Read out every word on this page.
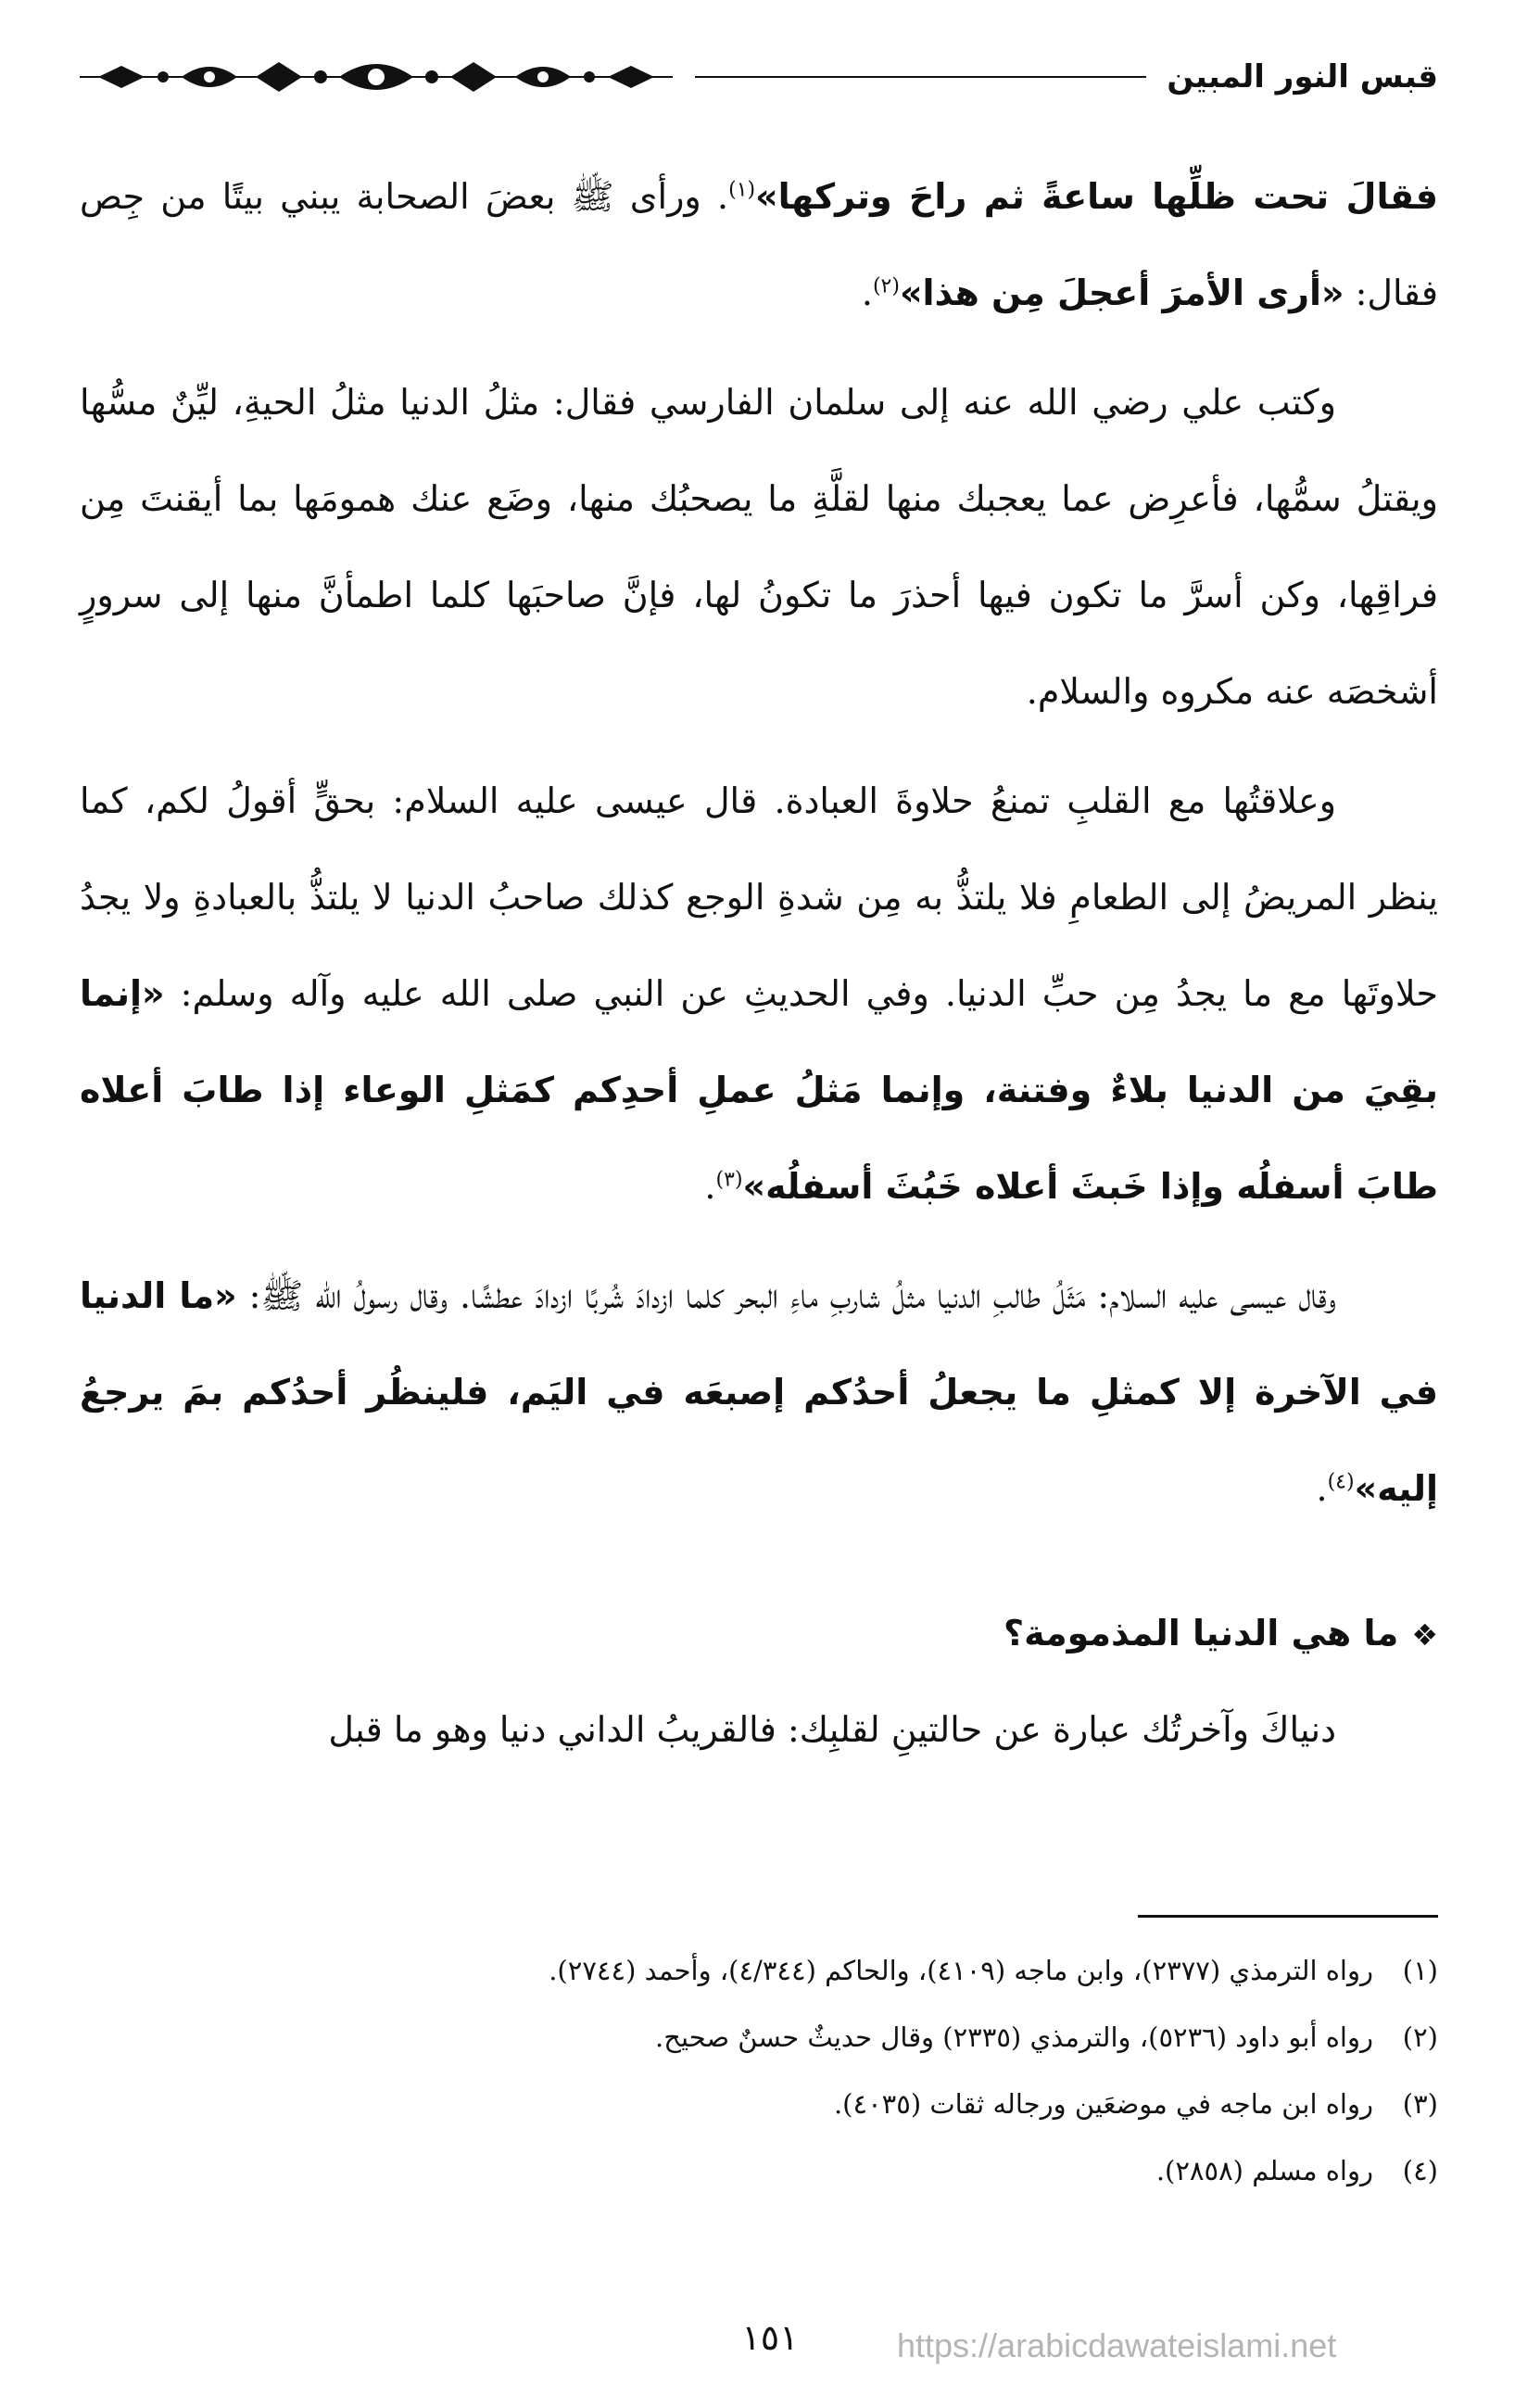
قبس النور المبين

فقالَ تحت ظلِّها ساعةً ثم راحَ وتركها»$^{(١)}$. ورأى ﷺ بعضَ الصحابة يبني بيتًا من جِص فقال: «أرى الأمرَ أعجلَ مِن هذا»$^{(٢)}$.

وكتب علي رضي الله عنه إلى سلمان الفارسي فقال: مثلُ الدنيا مثلُ الحيةِ، ليِّنٌ مسُّها ويقتلُ سمُّها، فأعرِض عما يعجبك منها لقلَّةِ ما يصحبُك منها، وضَع عنك همومَها بما أيقنتَ مِن فراقِها، وكن أسرَّ ما تكون فيها أحذرَ ما تكونُ لها، فإنَّ صاحبَها كلما اطمأنَّ منها إلى سرورٍ أشخصَه عنه مكروه والسلام.

وعلاقتُها مع القلبِ تمنعُ حلاوةَ العبادة. قال عيسى عليه السلام: بحقٍّ أقولُ لكم، كما ينظر المريضُ إلى الطعامِ فلا يلتذُّ به مِن شدةِ الوجع كذلك صاحبُ الدنيا لا يلتذُّ بالعبادةِ ولا يجدُ حلاوتَها مع ما يجدُ مِن حبِّ الدنيا. وفي الحديثِ عن النبي صلى الله عليه وآله وسلم: «إنما بقِيَ من الدنيا بلاءٌ وفتنة، وإنما مَثلُ عملِ أحدِكم كمَثلِ الوعاء إذا طابَ أعلاه طابَ أسفلُه وإذا خَبثَ أعلاه خَبُثَ أسفلُه»$^{(٣)}$.

وقال عيسى عليه السلام: مَثَلُ طالبِ الدنيا مثلُ شاربِ ماءِ البحر كلما ازدادَ شُربًا ازدادَ عطشًا. وقال رسولُ الله ﷺ: «ما الدنيا في الآخرة إلا كمثلِ ما يجعلُ أحدُكم إصبعَه في اليَم، فلينظُر أحدُكم بمَ يرجعُ إليه»$^{(٤)}$.

❖ما هي الدنيا المذمومة؟

دنياكَ وآخرتُك عبارة عن حالتينِ لقلبِك: فالقريبُ الداني دنيا وهو ما قبل

(١)
رواه الترمذي (٢٣٧٧)، وابن ماجه (٤١٠٩)، والحاكم (٤/٣٤٤)، وأحمد (٢٧٤٤).
(٢)
رواه أبو داود (٥٢٣٦)، والترمذي (٢٣٣٥) وقال حديثٌ حسنٌ صحيح.
(٣)
رواه ابن ماجه في موضعَين ورجاله ثقات (٤٠٣٥).
(٤)
رواه مسلم (٢٨٥٨).
١٥١	https://arabicdawateislami.net
